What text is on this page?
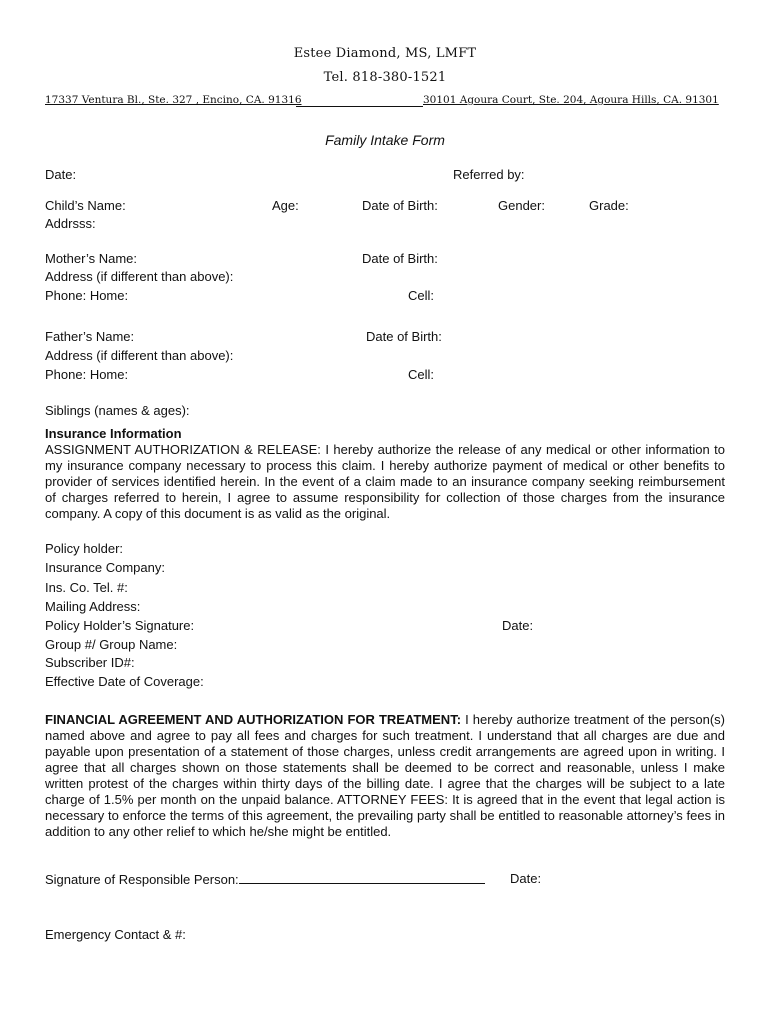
Estee Diamond, MS, LMFT
Tel. 818-380-1521
17337 Ventura Bl., Ste. 327 , Encino, CA. 91316	30101 Agoura Court, Ste. 204, Agoura Hills, CA. 91301
Family Intake Form
Date:	Referred by:
Child’s Name:	Age:	Date of Birth:	Gender:	Grade:
Addrsss:
Mother’s Name:	Date of Birth:
Address (if different than above):
Phone: Home:	Cell:
Father’s Name:	Date of Birth:
Address (if different than above):
Phone: Home:	Cell:
Siblings (names & ages):
Insurance Information
ASSIGNMENT AUTHORIZATION & RELEASE: I hereby authorize the release of any medical or other information to my insurance company necessary to process this claim. I hereby authorize payment of medical or other benefits to provider of services identified herein. In the event of a claim made to an insurance company seeking reimbursement of charges referred to herein, I agree to assume responsibility for collection of those charges from the insurance company. A copy of this document is as valid as the original.
Policy holder:
Insurance Company:
Ins. Co. Tel. #:
Mailing Address:
Policy Holder’s Signature:	Date:
Group #/ Group Name:
Subscriber ID#:
Effective Date of Coverage:
FINANCIAL AGREEMENT AND AUTHORIZATION FOR TREATMENT: I hereby authorize treatment of the person(s) named above and agree to pay all fees and charges for such treatment. I understand that all charges are due and payable upon presentation of a statement of those charges, unless credit arrangements are agreed upon in writing. I agree that all charges shown on those statements shall be deemed to be correct and reasonable, unless I make written protest of the charges within thirty days of the billing date. I agree that the charges will be subject to a late charge of 1.5% per month on the unpaid balance. ATTORNEY FEES: It is agreed that in the event that legal action is necessary to enforce the terms of this agreement, the prevailing party shall be entitled to reasonable attorney’s fees in addition to any other relief to which he/she might be entitled.
Signature of Responsible Person:	Date:
Emergency Contact & #:
